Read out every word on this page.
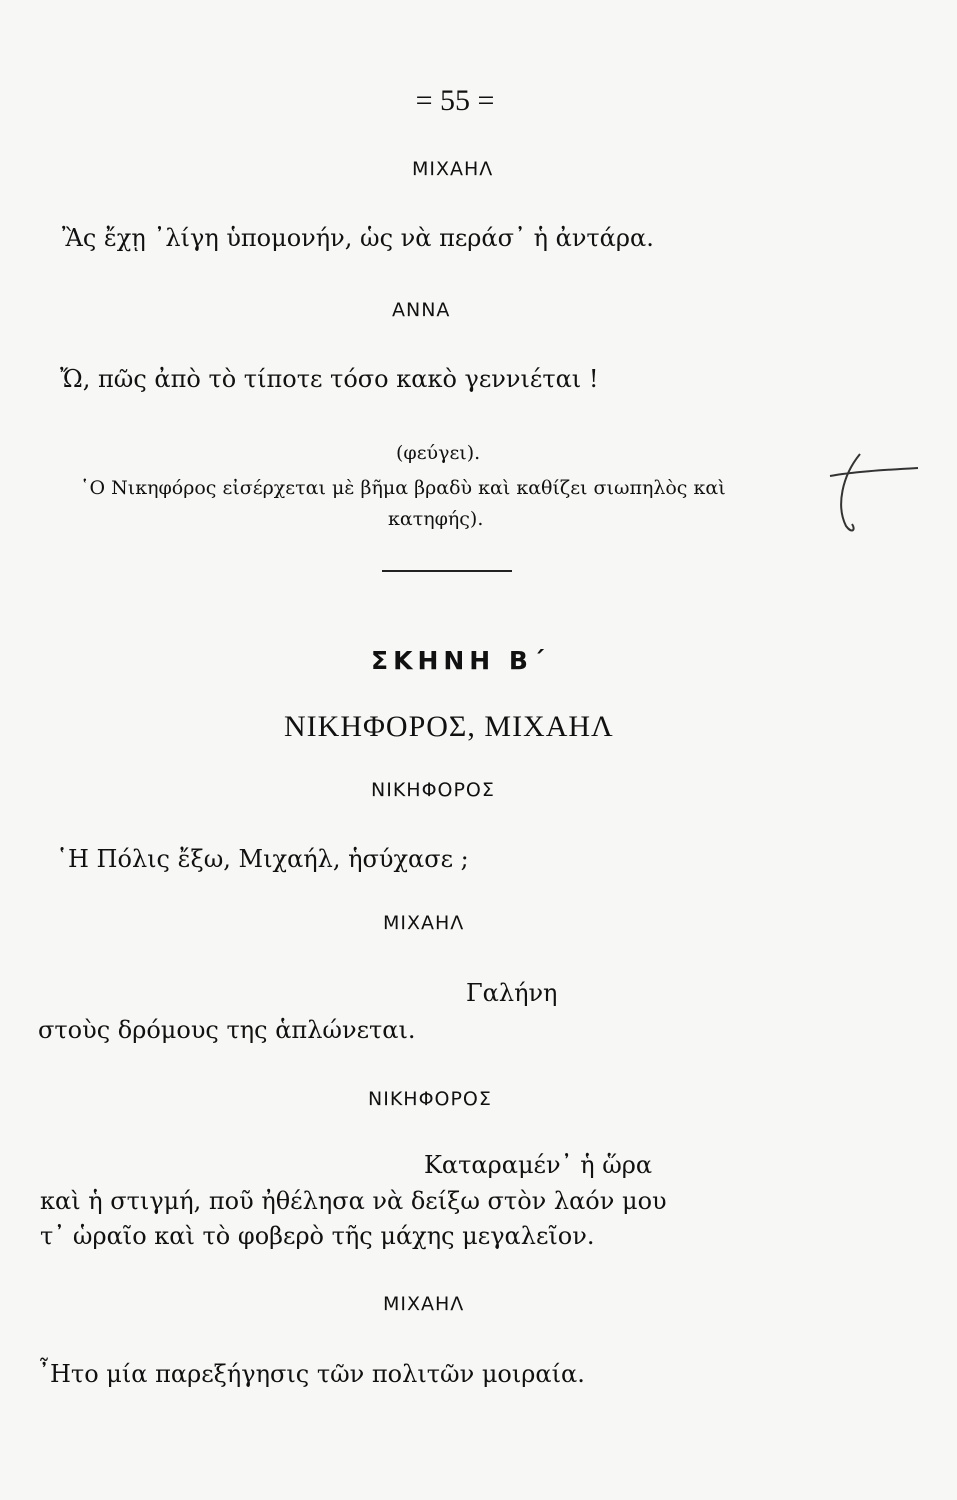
= 55 =
ΜΙΧΑΗΛ
Ἂς ἔχῃ ᾽λίγη ὑπομονήν, ὡς νὰ περάσ᾽ ἡ ἀντάρα.
ΑΝΝΑ
Ὤ, πῶς ἀπὸ τὸ τίποτε τόσο κακὸ γεννιέται !
(φεύγει).
῾Ο Νικηφόρος εἰσέρχεται μὲ βῆμα βραδὺ καὶ καθίζει σιωπηλὸς καὶ
κατηφής).
ΣΚΗΝΗ Β΄
ΝΙΚΗΦΟΡΟΣ, ΜΙΧΑΗΛ
ΝΙΚΗΦΟΡΟΣ
῾Η Πόλις ἔξω, Μιχαήλ, ἡσύχασε ;
ΜΙΧΑΗΛ
Γαλήνη
στοὺς δρόμους της ἁπλώνεται.
ΝΙΚΗΦΟΡΟΣ
Καταραμέν᾽ ἡ ὥρα
καὶ ἡ στιγμή, ποῦ ἠθέλησα νὰ δείξω στὸν λαόν μου
τ᾽ ὡραῖο καὶ τὸ φοβερὸ τῆς μάχης μεγαλεῖον.
ΜΙΧΑΗΛ
῏Ητο μία παρεξήγησις τῶν πολιτῶν μοιραία.
